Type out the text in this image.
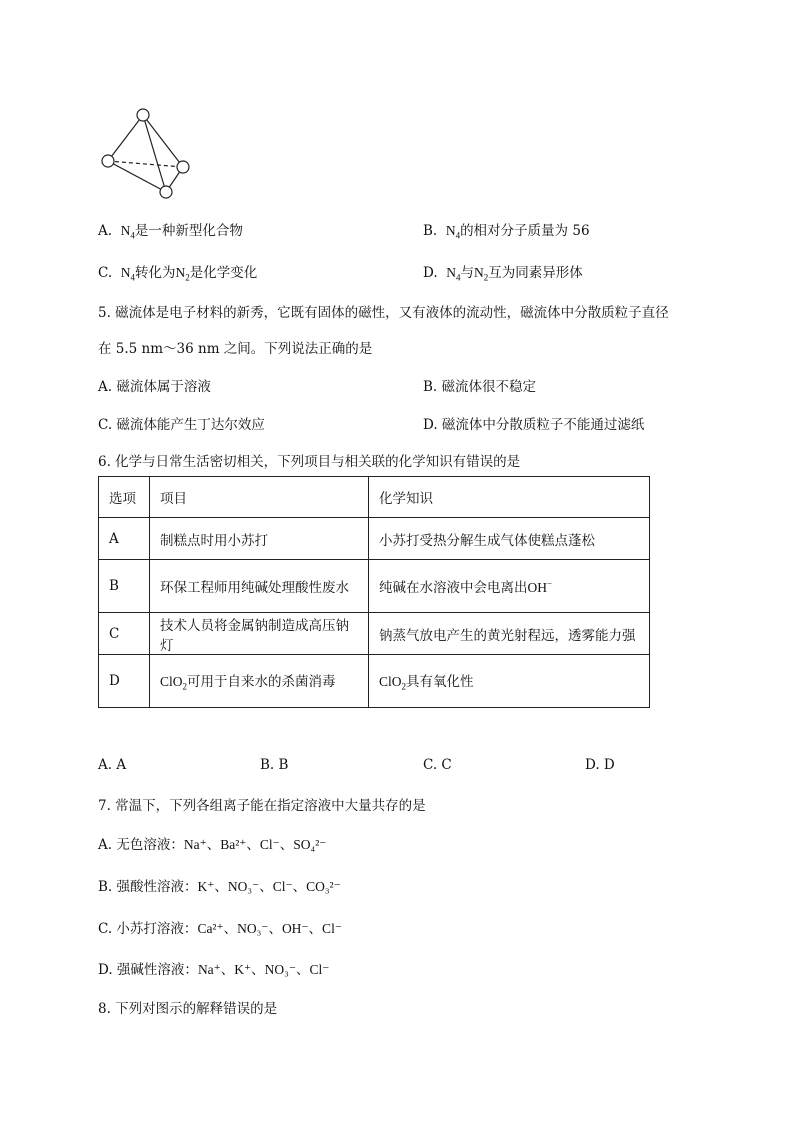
A. $N_4$是一种新型化合物	B. $N_4$的相对分子质量为 56
C. $N_4$转化为$N_2$是化学变化	D. $N_4$与$N_2$互为同素异形体
5. 磁流体是电子材料的新秀，它既有固体的磁性，又有液体的流动性，磁流体中分散质粒子直径
在 5.5 nm～36 nm 之间。下列说法正确的是
A. 磁流体属于溶液	B. 磁流体很不稳定
C. 磁流体能产生丁达尔效应	D. 磁流体中分散质粒子不能通过滤纸
6. 化学与日常生活密切相关，下列项目与相关联的化学知识有错误的是
选项	项目	化学知识
A	制糕点时用小苏打	小苏打受热分解生成气体使糕点蓬松
B	环保工程师用纯碱处理酸性废水	纯碱在水溶液中会电离出OH−
C	技术人员将金属钠制造成高压钠灯	钠蒸气放电产生的黄光射程远，透雾能力强
D	ClO$_2$可用于自来水的杀菌消毒	ClO$_2$具有氧化性
A. A	B. B	C. C	D. D
7. 常温下，下列各组离子能在指定溶液中大量共存的是
A. 无色溶液：Na⁺、Ba²⁺、Cl⁻、SO₄²⁻
B. 强酸性溶液：K⁺、NO₃⁻、Cl⁻、CO₃²⁻
C. 小苏打溶液：Ca²⁺、NO₃⁻、OH⁻、Cl⁻
D. 强碱性溶液：Na⁺、K⁺、NO₃⁻、Cl⁻
8. 下列对图示的解释错误的是
